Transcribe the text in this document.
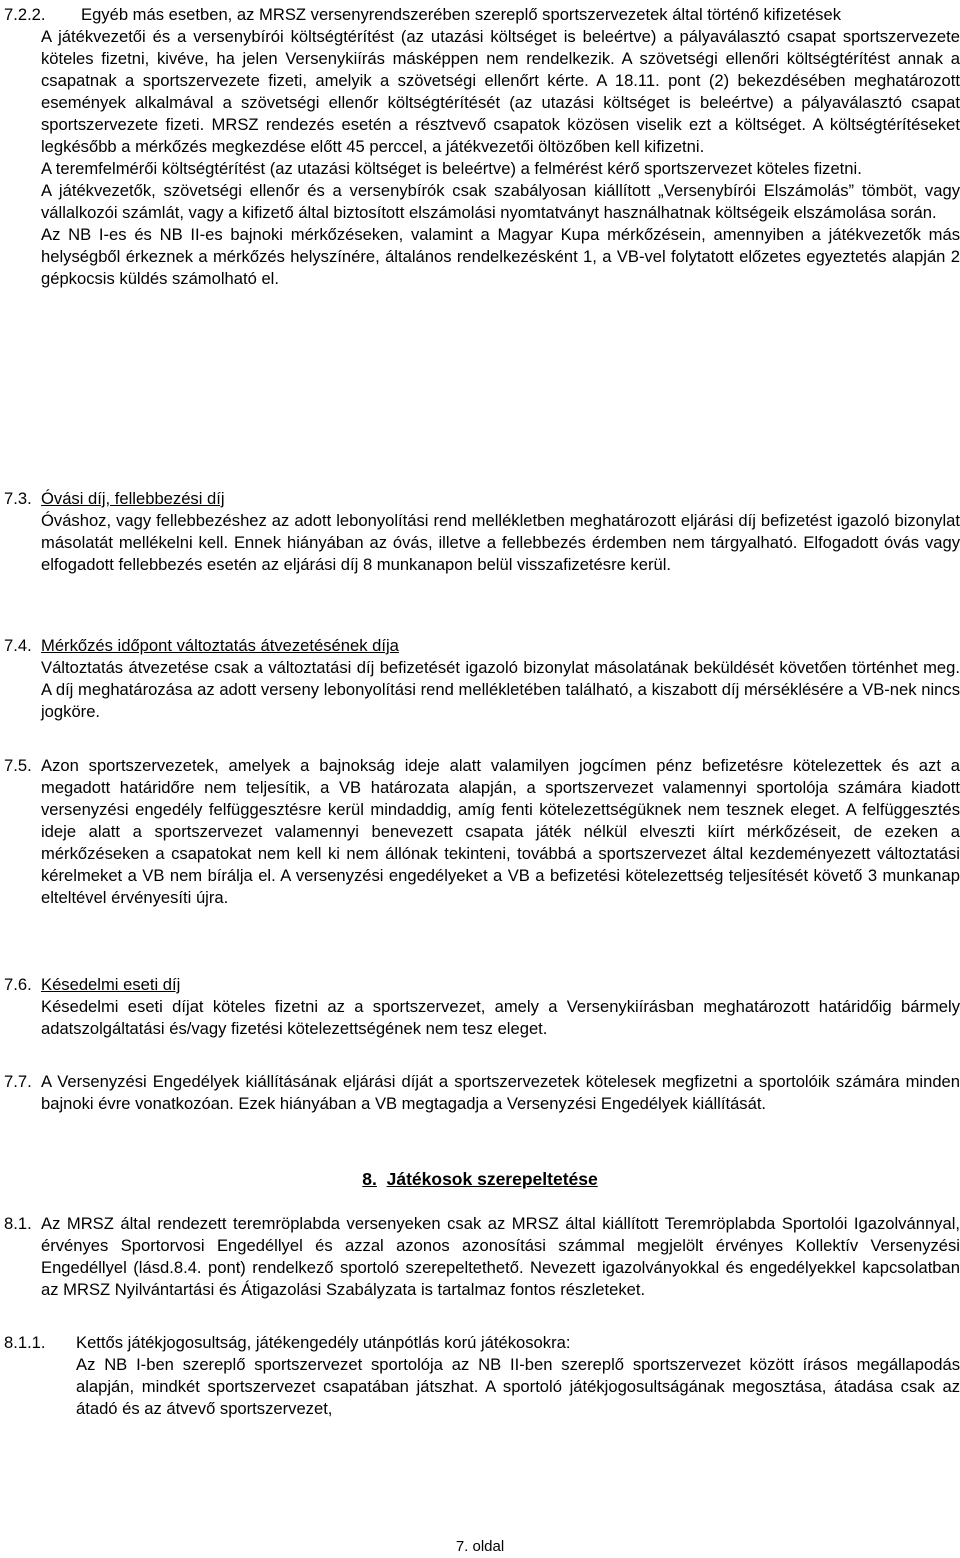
7.2.2.	Egyéb más esetben, az MRSZ versenyrendszerében szereplő sportszervezetek által történő kifizetések

A játékvezetői és a versenybírói költségtérítést (az utazási költséget is beleértve) a pályaválasztó csapat sportszervezete köteles fizetni, kivéve, ha jelen Versenykiírás másképpen nem rendelkezik. A szövetségi ellenőri költségtérítést annak a csapatnak a sportszervezete fizeti, amelyik a szövetségi ellenőrt kérte. A 18.11. pont (2) bekezdésében meghatározott események alkalmával a szövetségi ellenőr költségtérítését (az utazási költséget is beleértve) a pályaválasztó csapat sportszervezete fizeti. MRSZ rendezés esetén a résztvevő csapatok közösen viselik ezt a költséget. A költségtérítéseket legkésőbb a mérkőzés megkezdése előtt 45 perccel, a játékvezetői öltözőben kell kifizetni.

A teremfelmérői költségtérítést (az utazási költséget is beleértve) a felmérést kérő sportszervezet köteles fizetni.

A játékvezetők, szövetségi ellenőr és a versenybírók csak szabályosan kiállított „Versenybírói Elszámolás” tömböt, vagy vállalkozói számlát, vagy a kifizető által biztosított elszámolási nyomtatványt használhatnak költségeik elszámolása során.

Az NB I-es és NB II-es bajnoki mérkőzéseken, valamint a Magyar Kupa mérkőzésein, amennyiben a játékvezetők más helységből érkeznek a mérkőzés helyszínére, általános rendelkezésként 1, a VB-vel folytatott előzetes egyeztetés alapján 2 gépkocsis küldés számolható el.

7.3. Óvási díj, fellebbezési díj

Óváshoz, vagy fellebbezéshez az adott lebonyolítási rend mellékletben meghatározott eljárási díj befizetést igazoló bizonylat másolatát mellékelni kell. Ennek hiányában az óvás, illetve a fellebbezés érdemben nem tárgyalható. Elfogadott óvás vagy elfogadott fellebbezés esetén az eljárási díj 8 munkanapon belül visszafizetésre kerül.

7.4. Mérkőzés időpont változtatás átvezetésének díja

Változtatás átvezetése csak a változtatási díj befizetését igazoló bizonylat másolatának beküldését követően történhet meg. A díj meghatározása az adott verseny lebonyolítási rend mellékletében található, a kiszabott díj mérséklésére a VB-nek nincs jogköre.

7.5. Azon sportszervezetek, amelyek a bajnokság ideje alatt valamilyen jogcímen pénz befizetésre kötelezettek és azt a megadott határidőre nem teljesítik, a VB határozata alapján, a sportszervezet valamennyi sportolója számára kiadott versenyzési engedély felfüggesztésre kerül mindaddig, amíg fenti kötelezettségüknek nem tesznek eleget. A felfüggesztés ideje alatt a sportszervezet valamennyi benevezett csapata játék nélkül elveszti kiírt mérkőzéseit, de ezeken a mérkőzéseken a csapatokat nem kell ki nem állónak tekinteni, továbbá a sportszervezet által kezdeményezett változtatási kérelmeket a VB nem bírálja el. A versenyzési engedélyeket a VB a befizetési kötelezettség teljesítését követő 3 munkanap elteltével érvényesíti újra.

7.6. Késedelmi eseti díj

Késedelmi eseti díjat köteles fizetni az a sportszervezet, amely a Versenykiírásban meghatározott határidőig bármely adatszolgáltatási és/vagy fizetési kötelezettségének nem tesz eleget.

7.7. A Versenyzési Engedélyek kiállításának eljárási díját a sportszervezetek kötelesek megfizetni a sportolóik számára minden bajnoki évre vonatkozóan. Ezek hiányában a VB megtagadja a Versenyzési Engedélyek kiállítását.

8. Játékosok szerepeltetése
8.1. Az MRSZ által rendezett teremröplabda versenyeken csak az MRSZ által kiállított Teremröplabda Sportolói Igazolvánnyal, érvényes Sportorvosi Engedéllyel és azzal azonos azonosítási számmal megjelölt érvényes Kollektív Versenyzési Engedéllyel (lásd.8.4. pont) rendelkező sportoló szerepeltethető. Nevezett igazolványokkal és engedélyekkel kapcsolatban az MRSZ Nyilvántartási és Átigazolási Szabályzata is tartalmaz fontos részleteket.

8.1.1. Kettős játékjogosultság, játékengedély utánpótlás korú játékosokra:

Az NB I-ben szereplő sportszervezet sportolója az NB II-ben szereplő sportszervezet között írásos megállapodás alapján, mindkét sportszervezet csapatában játszhat. A sportoló játékjogosultságának megosztása, átadása csak az átadó és az átvevő sportszervezet,

7. oldal
